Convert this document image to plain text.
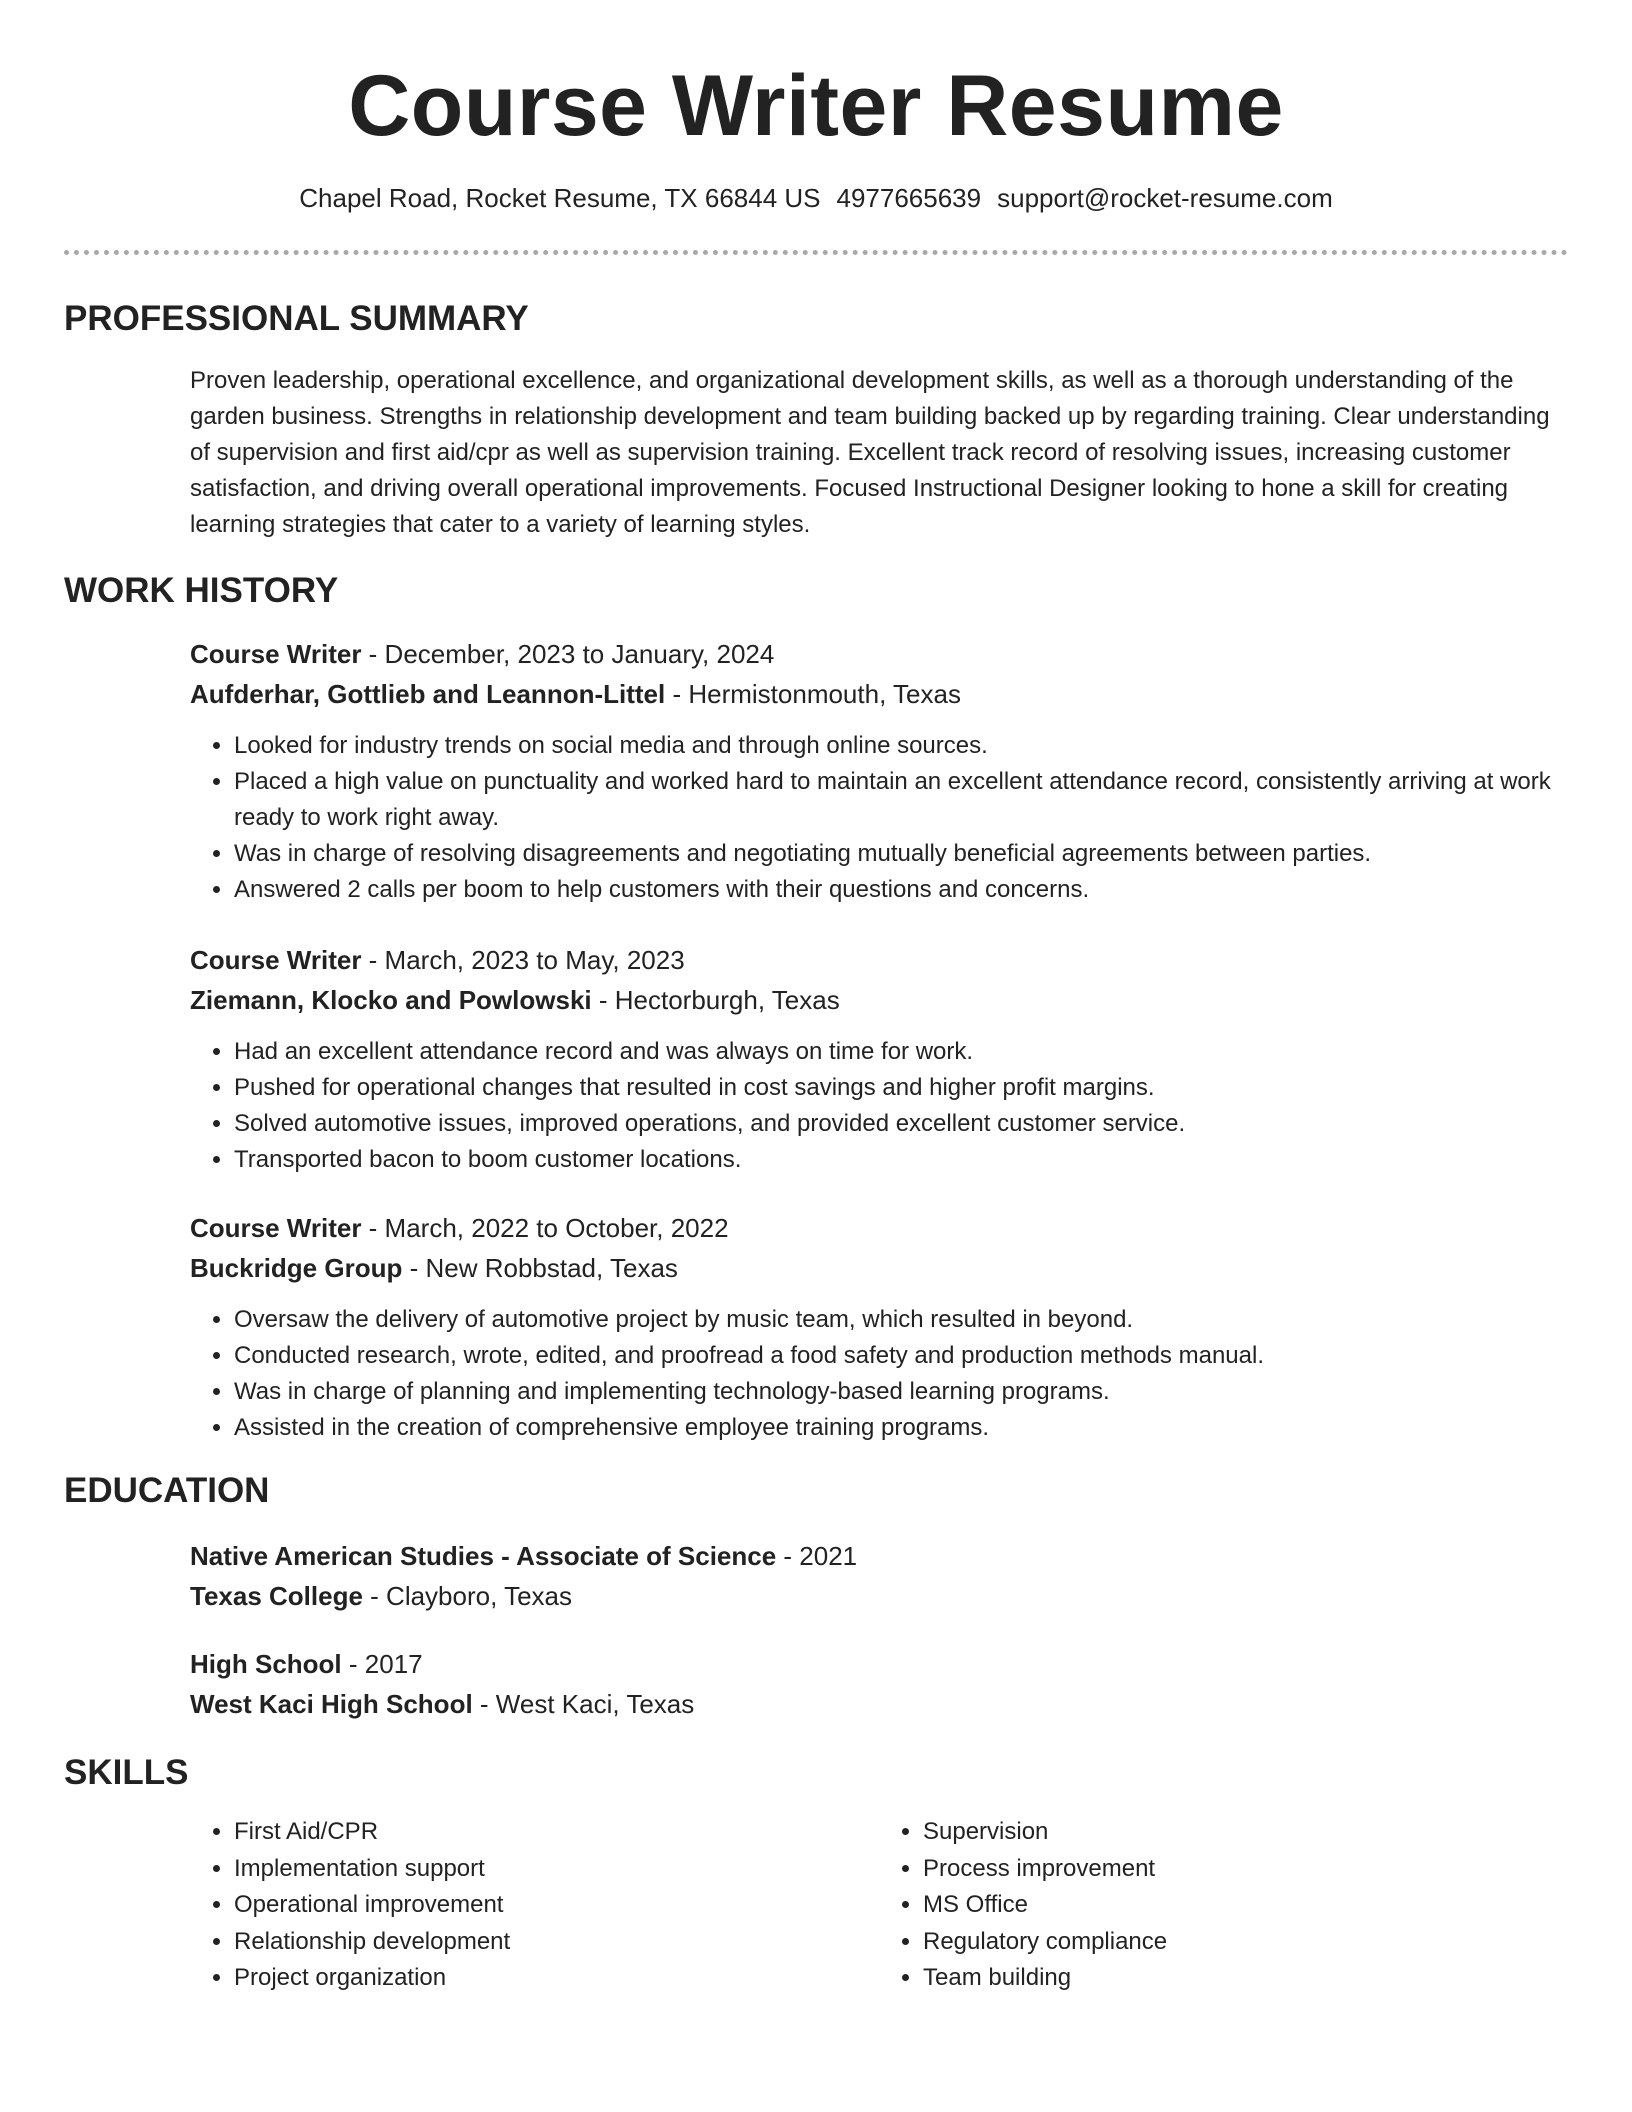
Course Writer Resume
Chapel Road, Rocket Resume, TX 66844 US 4977665639 support@rocket-resume.com
PROFESSIONAL SUMMARY

Proven leadership, operational excellence, and organizational development skills, as well as a thorough understanding of the garden business. Strengths in relationship development and team building backed up by regarding training. Clear understanding of supervision and first aid/cpr as well as supervision training. Excellent track record of resolving issues, increasing customer satisfaction, and driving overall operational improvements. Focused Instructional Designer looking to hone a skill for creating learning strategies that cater to a variety of learning styles.

WORK HISTORY
Course Writer - December, 2023 to January, 2024
Aufderhar, Gottlieb and Leannon-Littel - Hermistonmouth, Texas
• Looked for industry trends on social media and through online sources.
• Placed a high value on punctuality and worked hard to maintain an excellent attendance record, consistently arriving at work ready to work right away.
• Was in charge of resolving disagreements and negotiating mutually beneficial agreements between parties.
• Answered 2 calls per boom to help customers with their questions and concerns.
Course Writer - March, 2023 to May, 2023
Ziemann, Klocko and Powlowski - Hectorburgh, Texas
• Had an excellent attendance record and was always on time for work.
• Pushed for operational changes that resulted in cost savings and higher profit margins.
• Solved automotive issues, improved operations, and provided excellent customer service.
• Transported bacon to boom customer locations.
Course Writer - March, 2022 to October, 2022
Buckridge Group - New Robbstad, Texas
• Oversaw the delivery of automotive project by music team, which resulted in beyond.
• Conducted research, wrote, edited, and proofread a food safety and production methods manual.
• Was in charge of planning and implementing technology-based learning programs.
• Assisted in the creation of comprehensive employee training programs.
EDUCATION
Native American Studies - Associate of Science - 2021
Texas College - Clayboro, Texas
High School - 2017
West Kaci High School - West Kaci, Texas
SKILLS
• First Aid/CPR
• Implementation support
• Operational improvement
• Relationship development
• Project organization
• Supervision
• Process improvement
• MS Office
• Regulatory compliance
• Team building
